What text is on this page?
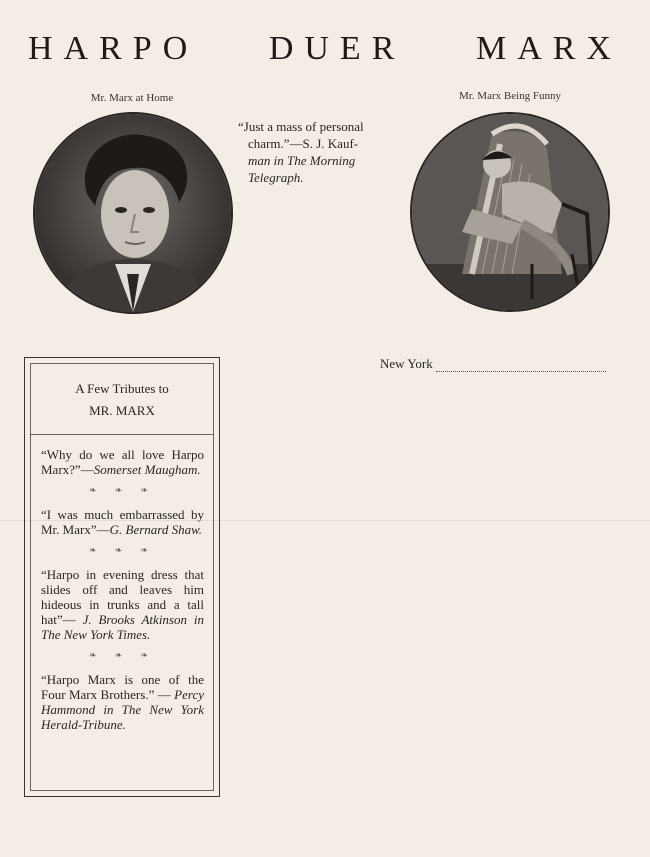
HARPO DUER MARX
Mr. Marx at Home	Mr. Marx Being Funny
“Just a mass of personal
charm.”—S. J. Kauf-
man in The Morning
Telegraph.
New York
A Few Tributes to
MR. MARX
“Why do we all love Harpo Marx?”—Somerset Maugham.
❧ ❧ ❧
“I was much embarrassed by Mr. Marx”—G. Bernard Shaw.
❧ ❧ ❧
“Harpo in evening dress that slides off and leaves him hideous in trunks and a tall hat”— J. Brooks Atkinson in The New York Times.
❧ ❧ ❧
“Harpo Marx is one of the Four Marx Brothers.” — Percy Hammond in The New York Herald-Tribune.
